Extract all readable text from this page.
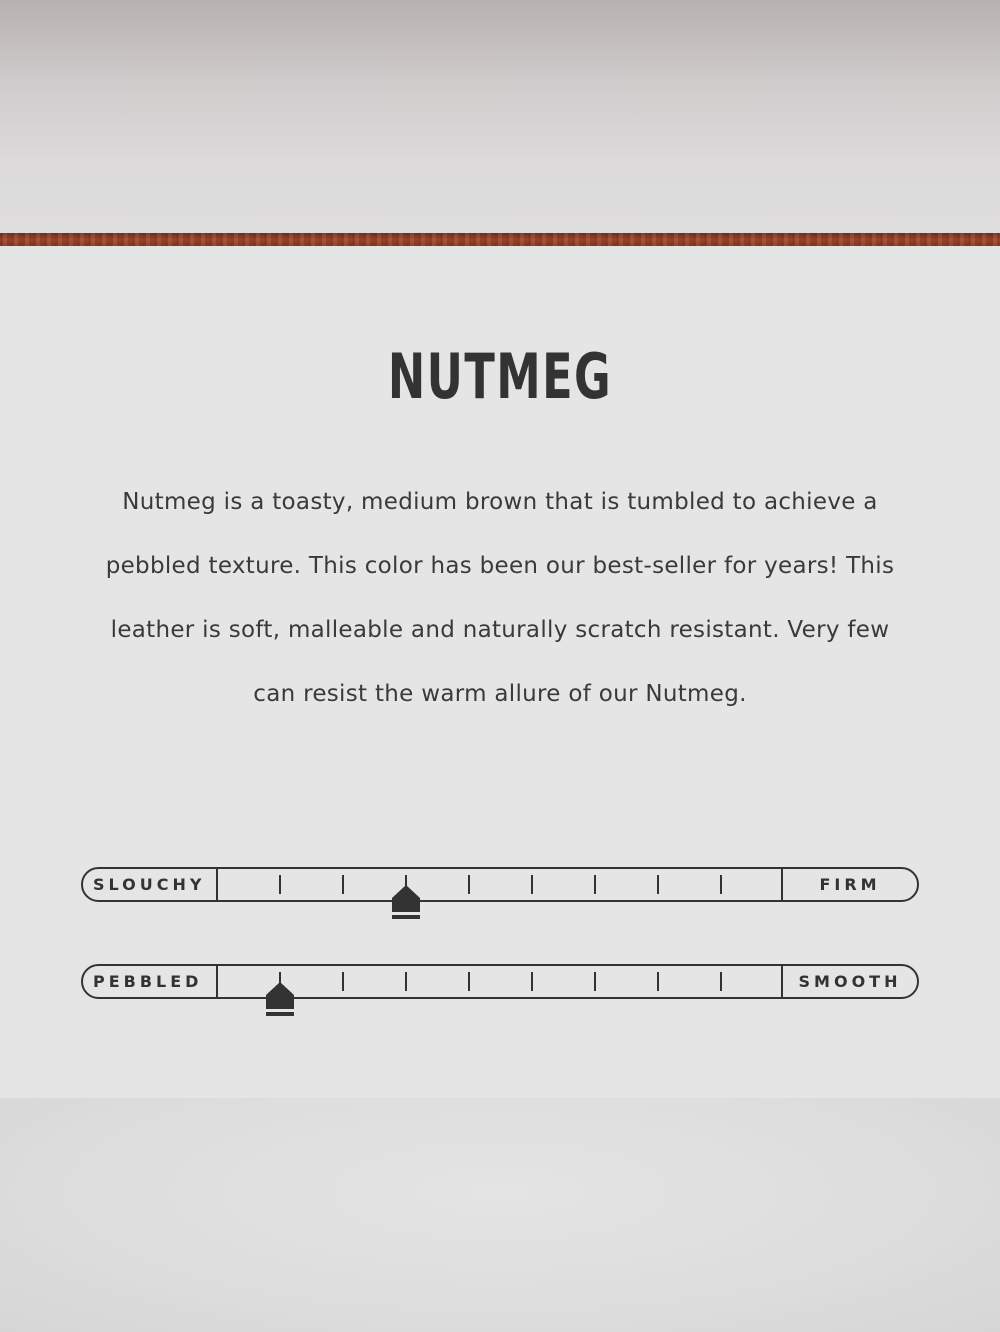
NUTMEG

Nutmeg is a toasty, medium brown that is tumbled to achieve a pebbled texture. This color has been our best-seller for years! This leather is soft, malleable and naturally scratch resistant. Very few can resist the warm allure of our Nutmeg.

SLOUCHY	FIRM
PEBBLED	SMOOTH
